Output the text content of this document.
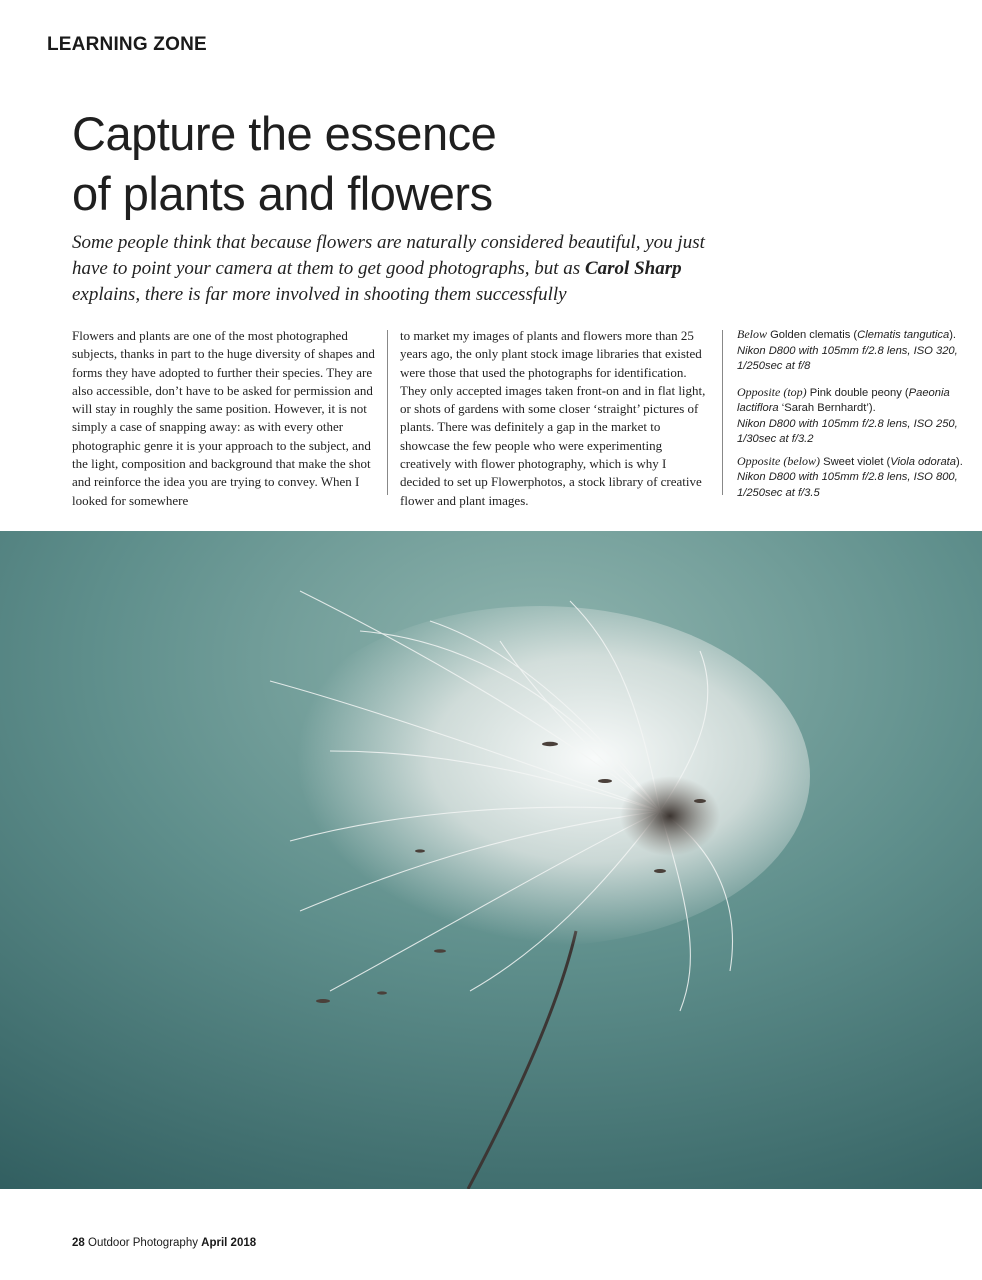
LEARNING ZONE
Capture the essence
of plants and flowers

Some people think that because flowers are naturally considered beautiful, you just have to point your camera at them to get good photographs, but as Carol Sharp explains, there is far more involved in shooting them successfully

Flowers and plants are one of the most photographed subjects, thanks in part to the huge diversity of shapes and forms they have adopted to further their species. They are also accessible, don’t have to be asked for permission and will stay in roughly the same position. However, it is not simply a case of snapping away: as with every other photographic genre it is your approach to the subject, and the light, composition and background that make the shot and reinforce the idea you are trying to convey. When I looked for somewhere
to market my images of plants and flowers more than 25 years ago, the only plant stock image libraries that existed were those that used the photographs for identification. They only accepted images taken front-on and in flat light, or shots of gardens with some closer ‘straight’ pictures of plants. There was definitely a gap in the market to showcase the few people who were experimenting creatively with flower photography, which is why I decided to set up Flowerphotos, a stock library of creative flower and plant images.

Below Golden clematis (Clematis tangutica).
Nikon D800 with 105mm f/2.8 lens, ISO 320, 1/250sec at f/8

Opposite (top) Pink double peony (Paeonia lactiflora ‘Sarah Bernhardt’).
Nikon D800 with 105mm f/2.8 lens, ISO 250, 1/30sec at f/3.2

Opposite (below) Sweet violet (Viola odorata).
Nikon D800 with 105mm f/2.8 lens, ISO 800, 1/250sec at f/3.5

28 Outdoor Photography April 2018
